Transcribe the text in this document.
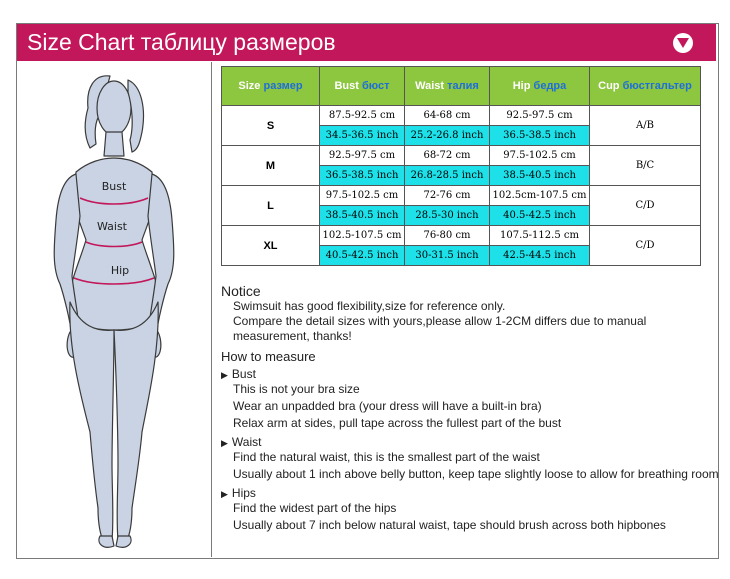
Size Chart таблицу размеров
Bust
Waist
Hip
Size размер	Bust бюст	Waist талия	Hip бедра	Cup бюстгальтер
S	87.5-92.5 cm	64-68 cm	92.5-97.5 cm	A/B
	34.5-36.5 inch	25.2-26.8 inch	36.5-38.5 inch	
M	92.5-97.5 cm	68-72 cm	97.5-102.5 cm	B/C
	36.5-38.5 inch	26.8-28.5 inch	38.5-40.5 inch	
L	97.5-102.5 cm	72-76 cm	102.5cm-107.5 cm	C/D
	38.5-40.5 inch	28.5-30 inch	40.5-42.5 inch	
XL	102.5-107.5 cm	76-80 cm	107.5-112.5 cm	C/D
	40.5-42.5 inch	30-31.5 inch	42.5-44.5 inch	
Notice
Swimsuit has good flexibility,size for reference only.
Compare the detail sizes with yours,please allow 1-2CM differs due to manual
measurement, thanks!
How to measure
▶ Bust
This is not your bra size
Wear an unpadded bra (your dress will have a built-in bra)
Relax arm at sides, pull tape across the fullest part of the bust
▶ Waist
Find the natural waist, this is the smallest part of the waist
Usually about 1 inch above belly button, keep tape slightly loose to allow for breathing room
▶ Hips
Find the widest part of the hips
Usually about 7 inch below natural waist, tape should brush across both hipbones
